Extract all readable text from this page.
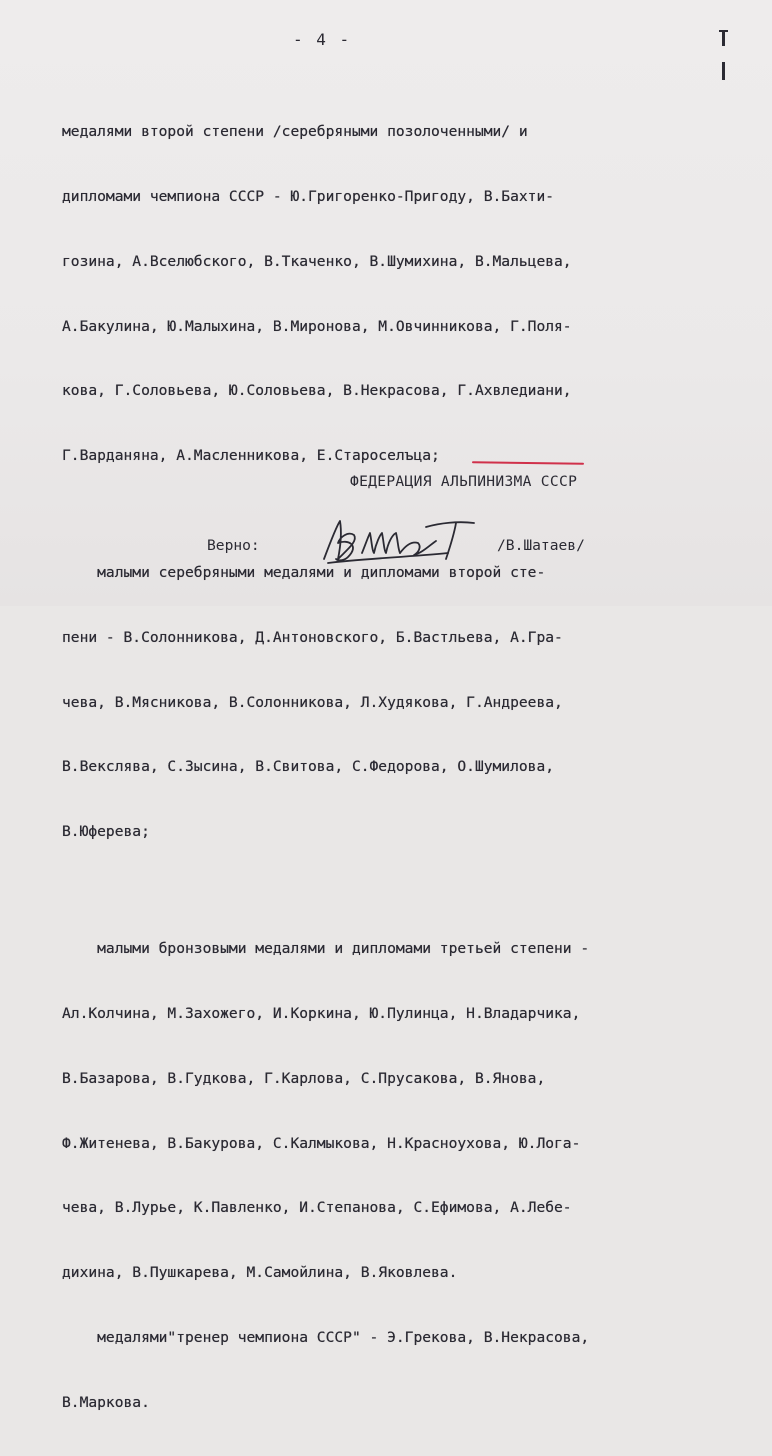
- 4 -

медалями второй степени /серебряными позолоченными/ и

дипломами чемпиона СССР - Ю.Григоренко-Пригоду, В.Бахти-

гозина, А.Вселюбского, В.Ткаченко, В.Шумихина, В.Мальцева,

А.Бакулина, Ю.Малыхина, В.Миронова, М.Овчинникова, Г.Поля-

кова, Г.Соловьева, Ю.Соловьева, В.Некрасова, Г.Ахвледиани,

Г.Варданяна, А.Масленникова, Е.Староселъца;

малыми серебряными медалями и дипломами второй сте-

пени - В.Солонникова, Д.Антоновского, Б.Вастльева, А.Гра-

чева, В.Мясникова, В.Солонникова, Л.Худякова, Г.Андреева,

В.Векслява, С.Зысина, В.Свитова, С.Федорова, О.Шумилова,

В.Юферева;

малыми бронзовыми медалями и дипломами третьей степени -

Ал.Колчина, М.Захожего, И.Коркина, Ю.Пулинца, Н.Владарчика,

В.Базарова, В.Гудкова, Г.Карлова, С.Прусакова, В.Янова,

Ф.Житенева, В.Бакурова, С.Калмыкова, Н.Красноухова, Ю.Лога-

чева, В.Лурье, К.Павленко, И.Степанова, С.Ефимова, А.Лебе-

дихина, В.Пушкарева, М.Самойлина, В.Яковлева.

медалями"тренер чемпиона СССР" - Э.Грекова, В.Некрасова,

В.Маркова.

ФЕДЕРАЦИЯ АЛЬПИНИЗМА СССР
Верно:	/В.Шатаев/
